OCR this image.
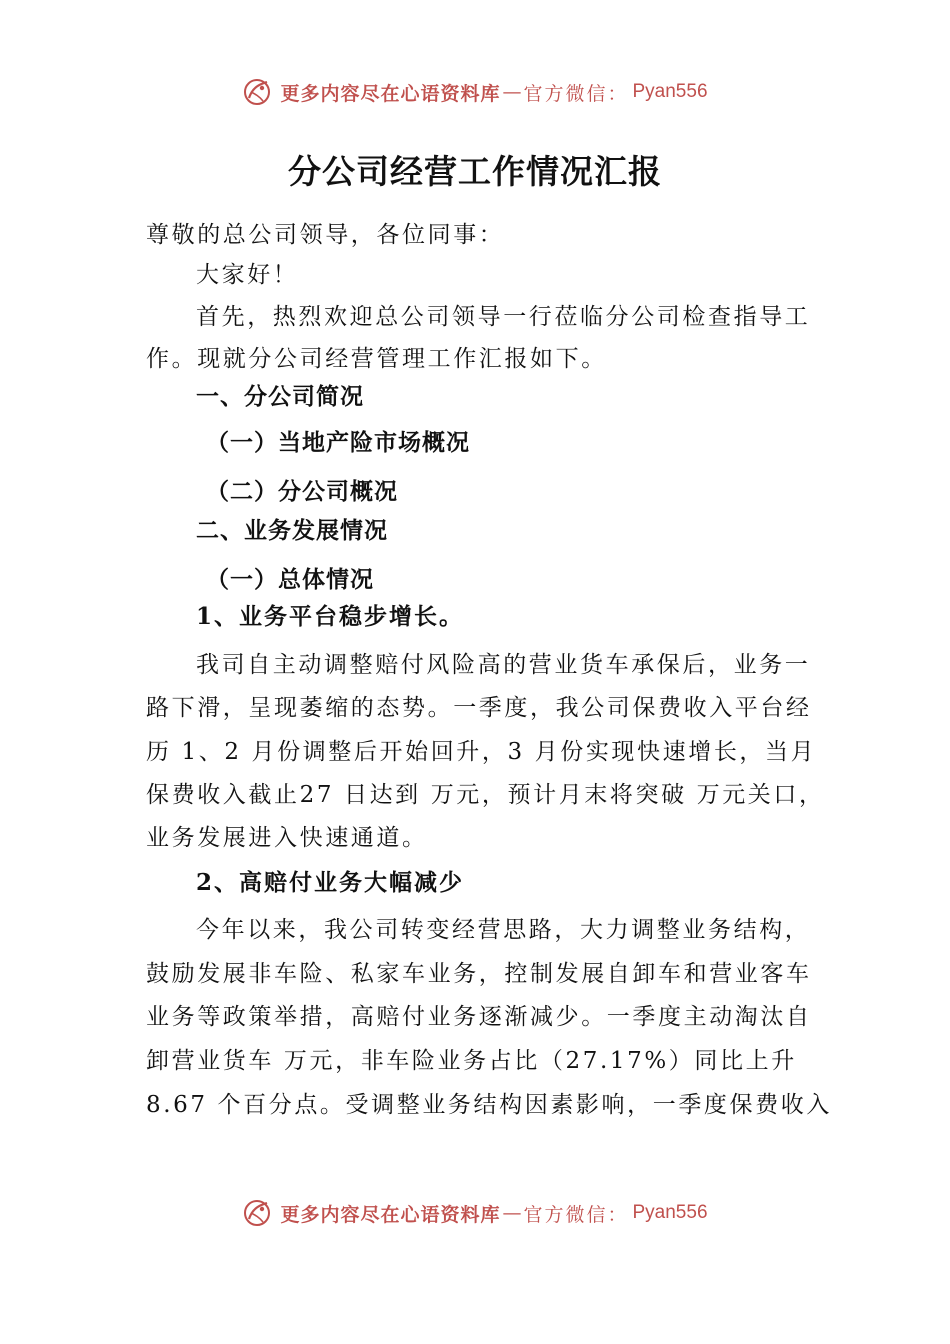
更多内容尽在心语资料库 — 官方微信： Pyan556
分公司经营工作情况汇报

尊敬的总公司领导，各位同事：

大家好！

首先，热烈欢迎总公司领导一行莅临分公司检查指导工

作。现就分公司经营管理工作汇报如下。

一、分公司简况

（一）当地产险市场概况

（二）分公司概况

二、业务发展情况

（一）总体情况

1、业务平台稳步增长。

我司自主动调整赔付风险高的营业货车承保后，业务一

路下滑，呈现萎缩的态势。一季度，我公司保费收入平台经

历 1、2 月份调整后开始回升，3 月份实现快速增长，当月

保费收入截止27 日达到 万元，预计月末将突破 万元关口，

业务发展进入快速通道。

2、高赔付业务大幅减少

今年以来，我公司转变经营思路，大力调整业务结构，

鼓励发展非车险、私家车业务，控制发展自卸车和营业客车

业务等政策举措，高赔付业务逐渐减少。一季度主动淘汰自

卸营业货车 万元，非车险业务占比（27.17%）同比上升

8.67 个百分点。受调整业务结构因素影响，一季度保费收入

更多内容尽在心语资料库 — 官方微信： Pyan556
